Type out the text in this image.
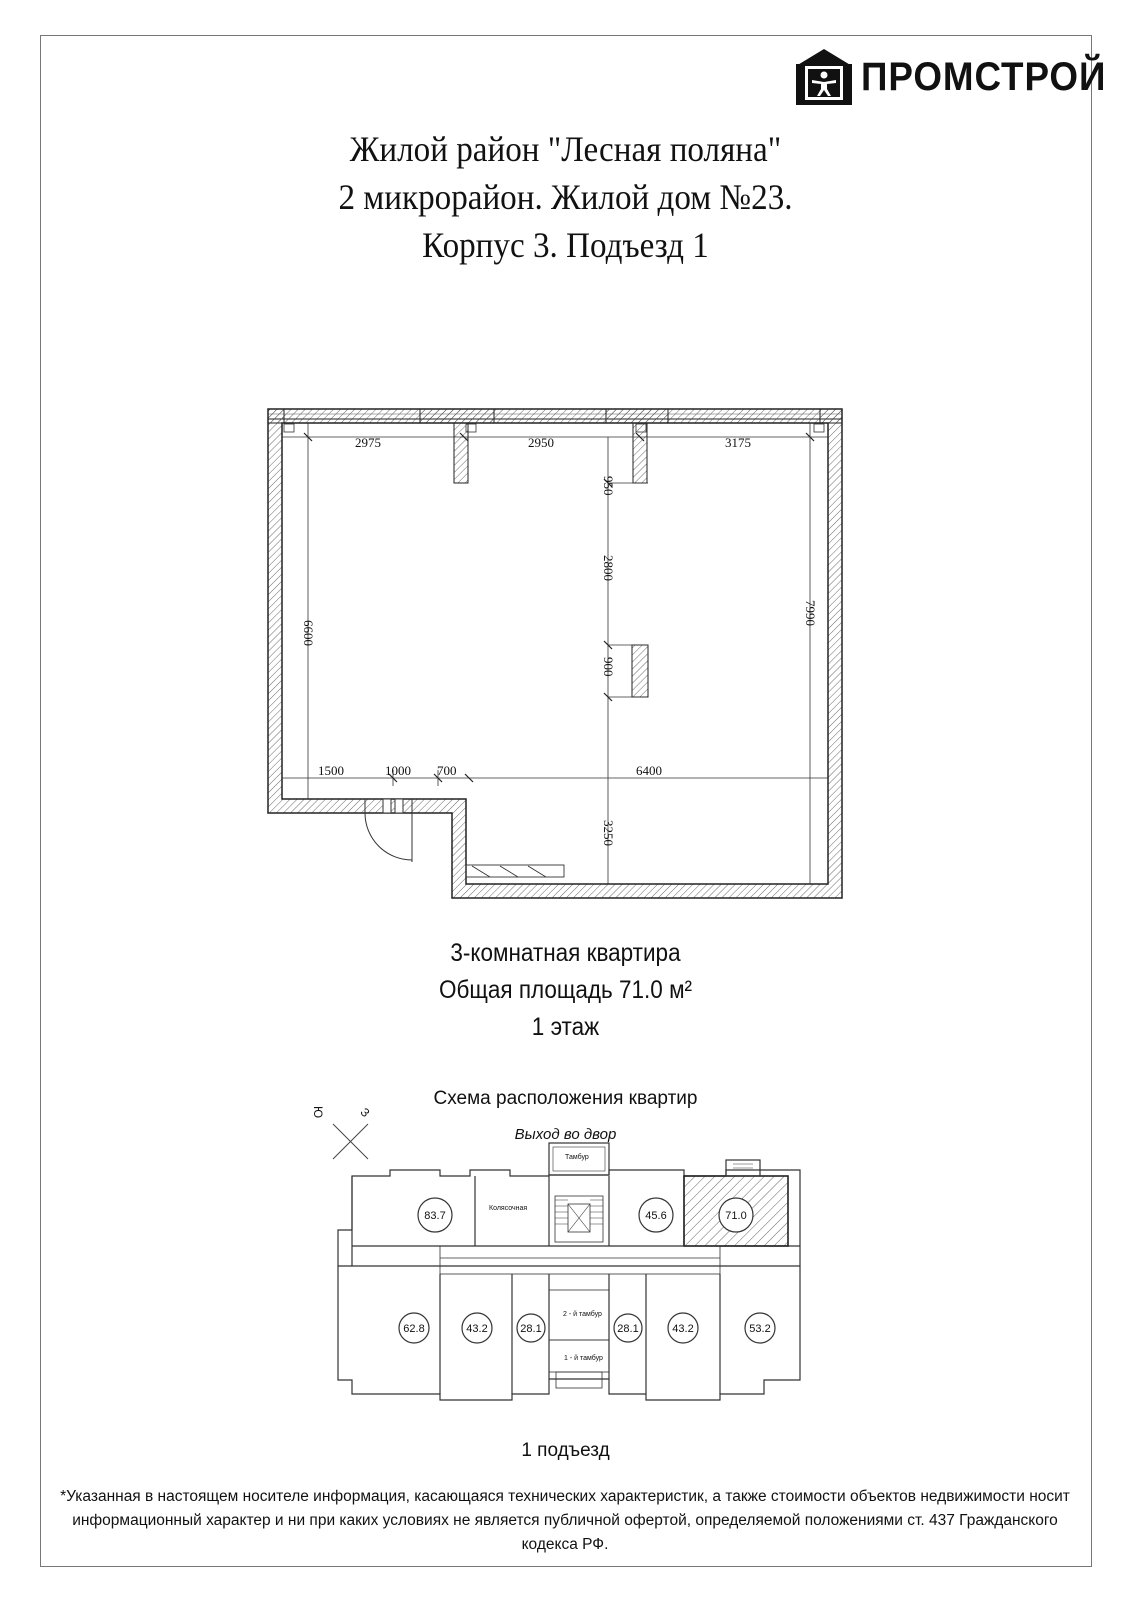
ПРОМСТРОЙ
Жилой район "Лесная поляна"
2 микрорайон. Жилой дом №23.
Корпус 3. Подъезд 1
2975	2950	3175
1500	1000 700	6400
950
2800
900
3250
6600
7990
Ю	З
Тамбур
Колясочная
2 - й тамбур
1 - й тамбур
83.7	45.6	71.0
62.8	43.2	28.1	28.1	43.2	53.2
3-комнатная квартира
Общая площадь 71.0 м²
1 этаж
Схема расположения квартир
Выход во двор
1 подъезд
*Указанная в настоящем носителе информация, касающаяся технических характеристик, а также стоимости объектов недвижимости носит
информационный характер и ни при каких условиях не является публичной офертой, определяемой положениями ст. 437 Гражданского кодекса РФ.
